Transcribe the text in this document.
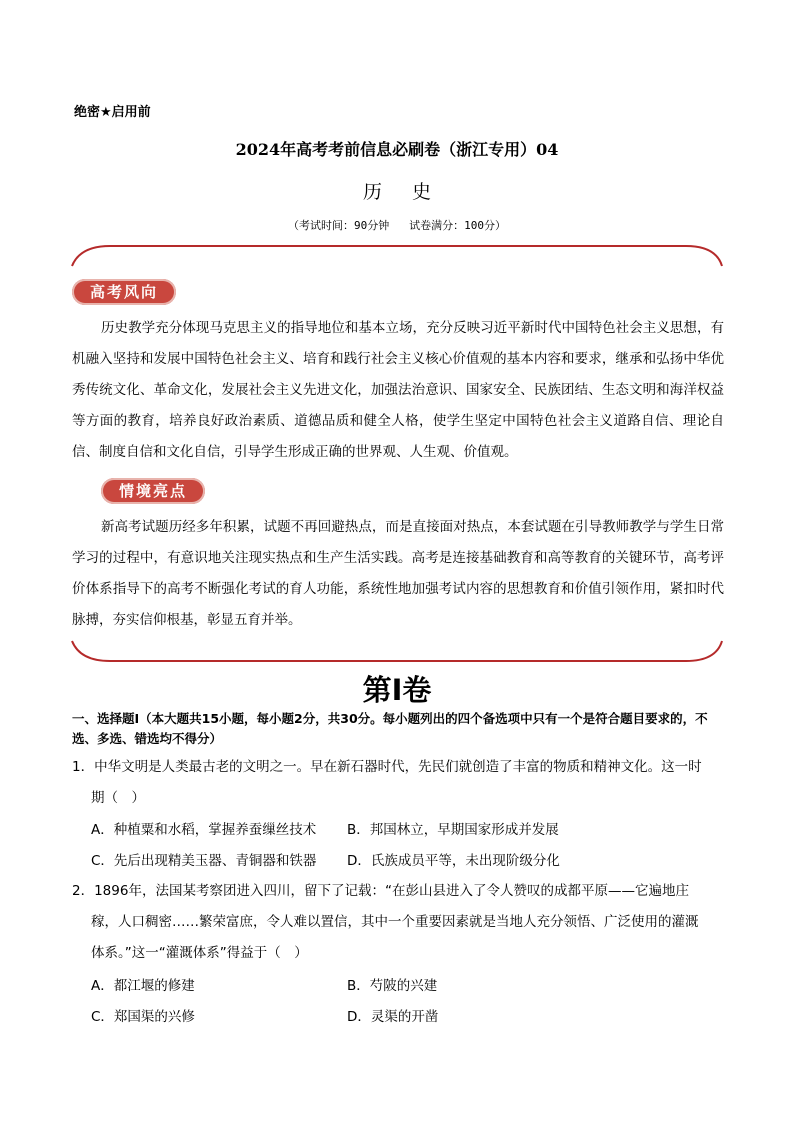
绝密★启用前
2024年高考考前信息必刷卷（浙江专用）04
历史
（考试时间：90分钟   试卷满分：100分）
高考风向
历史教学充分体现马克思主义的指导地位和基本立场，充分反映习近平新时代中国特色社会主义思想，有机融入坚持和发展中国特色社会主义、培育和践行社会主义核心价值观的基本内容和要求，继承和弘扬中华优秀传统文化、革命文化，发展社会主义先进文化，加强法治意识、国家安全、民族团结、生态文明和海洋权益等方面的教育，培养良好政治素质、道德品质和健全人格，使学生坚定中国特色社会主义道路自信、理论自信、制度自信和文化自信，引导学生形成正确的世界观、人生观、价值观。
情境亮点
新高考试题历经多年积累，试题不再回避热点，而是直接面对热点，本套试题在引导教师教学与学生日常学习的过程中，有意识地关注现实热点和生产生活实践。高考是连接基础教育和高等教育的关键环节，高考评价体系指导下的高考不断强化考试的育人功能，系统性地加强考试内容的思想教育和价值引领作用，紧扣时代脉搏，夯实信仰根基，彰显五育并举。
第Ⅰ卷
一、选择题Ⅰ（本大题共15小题，每小题2分，共30分。每小题列出的四个备选项中只有一个是符合题目要求的，不选、多选、错选均不得分）
1．中华文明是人类最古老的文明之一。早在新石器时代，先民们就创造了丰富的物质和精神文化。这一时
期（　）
A．种植粟和水稻，掌握养蚕缫丝技术 B．邦国林立，早期国家形成并发展
C．先后出现精美玉器、青铜器和铁器 D．氏族成员平等，未出现阶级分化
2．1896年，法国某考察团进入四川，留下了记载：“在彭山县进入了令人赞叹的成都平原——它遍地庄
稼，人口稠密……繁荣富庶，令人难以置信，其中一个重要因素就是当地人充分领悟、广泛使用的灌溉
体系。”这一“灌溉体系”得益于（　）
A．都江堰的修建	B．芍陂的兴建
C．郑国渠的兴修	D．灵渠的开凿
